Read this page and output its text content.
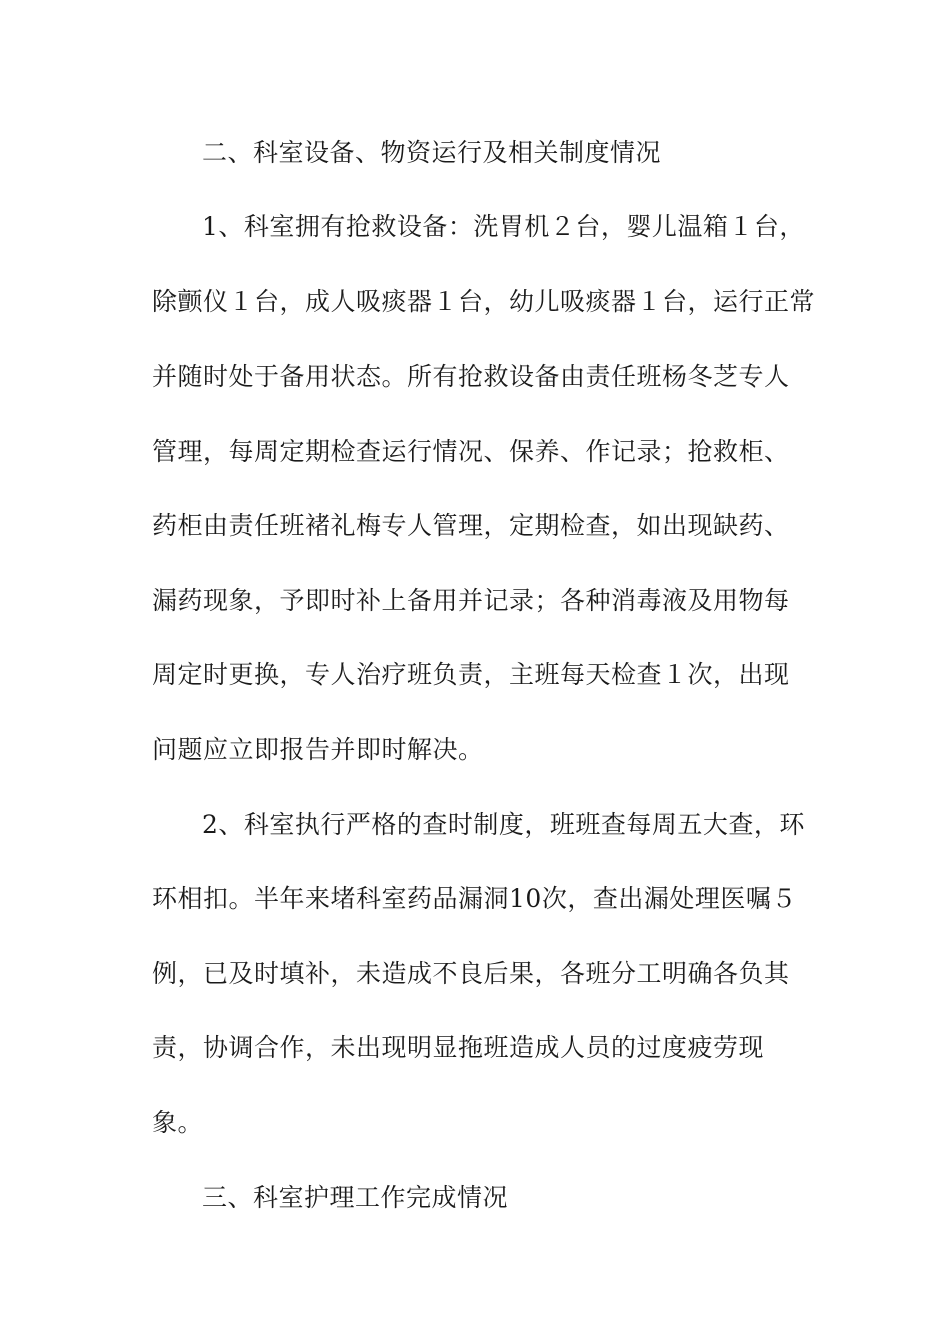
二、科室设备、物资运行及相关制度情况
1、科室拥有抢救设备：洗胃机２台，婴儿温箱１台，
除颤仪１台，成人吸痰器１台，幼儿吸痰器１台，运行正常
并随时处于备用状态。所有抢救设备由责任班杨冬芝专人
管理，每周定期检查运行情况、保养、作记录；抢救柜、
药柜由责任班褚礼梅专人管理，定期检查，如出现缺药、
漏药现象，予即时补上备用并记录；各种消毒液及用物每
周定时更换，专人治疗班负责，主班每天检查１次，出现
问题应立即报告并即时解决。
2、科室执行严格的查时制度，班班查每周五大查，环
环相扣。半年来堵科室药品漏洞10次，查出漏处理医嘱５
例，已及时填补，未造成不良后果，各班分工明确各负其
责，协调合作，未出现明显拖班造成人员的过度疲劳现
象。
三、科室护理工作完成情况
